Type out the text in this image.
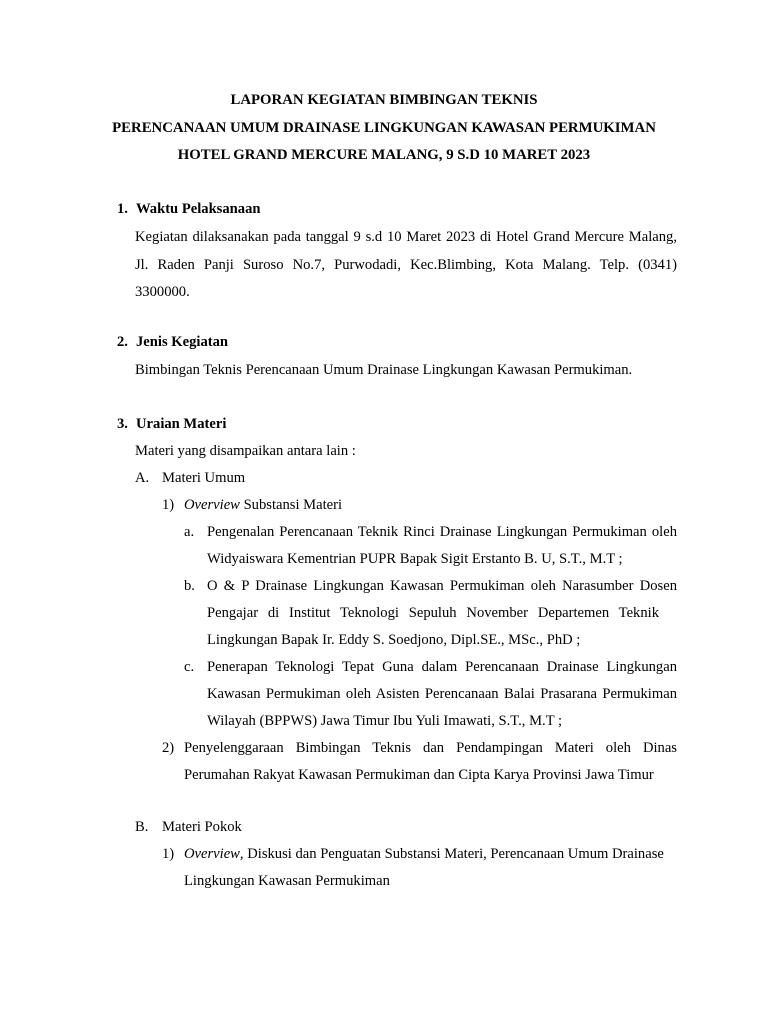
LAPORAN KEGIATAN BIMBINGAN TEKNIS
PERENCANAAN UMUM DRAINASE LINGKUNGAN KAWASAN PERMUKIMAN
HOTEL GRAND MERCURE MALANG, 9 S.D 10 MARET 2023
1. Waktu Pelaksanaan
Kegiatan dilaksanakan pada tanggal 9 s.d 10 Maret 2023 di Hotel Grand Mercure Malang,
Jl. Raden Panji Suroso No.7, Purwodadi, Kec.Blimbing, Kota Malang. Telp. (0341)
3300000.
2. Jenis Kegiatan
Bimbingan Teknis Perencanaan Umum Drainase Lingkungan Kawasan Permukiman.
3. Uraian Materi
Materi yang disampaikan antara lain :
A. Materi Umum
1) Overview Substansi Materi
a. Pengenalan Perencanaan Teknik Rinci Drainase Lingkungan Permukiman oleh
Widyaiswara Kementrian PUPR Bapak Sigit Erstanto B. U, S.T., M.T ;
b. O & P Drainase Lingkungan Kawasan Permukiman oleh Narasumber Dosen
Pengajar di Institut Teknologi Sepuluh November Departemen Teknik
Lingkungan Bapak Ir. Eddy S. Soedjono, Dipl.SE., MSc., PhD ;
c. Penerapan Teknologi Tepat Guna dalam Perencanaan Drainase Lingkungan
Kawasan Permukiman oleh Asisten Perencanaan Balai Prasarana Permukiman
Wilayah (BPPWS) Jawa Timur Ibu Yuli Imawati, S.T., M.T ;
2) Penyelenggaraan Bimbingan Teknis dan Pendampingan Materi oleh Dinas
Perumahan Rakyat Kawasan Permukiman dan Cipta Karya Provinsi Jawa Timur
B. Materi Pokok
1) Overview, Diskusi dan Penguatan Substansi Materi, Perencanaan Umum Drainase
Lingkungan Kawasan Permukiman
